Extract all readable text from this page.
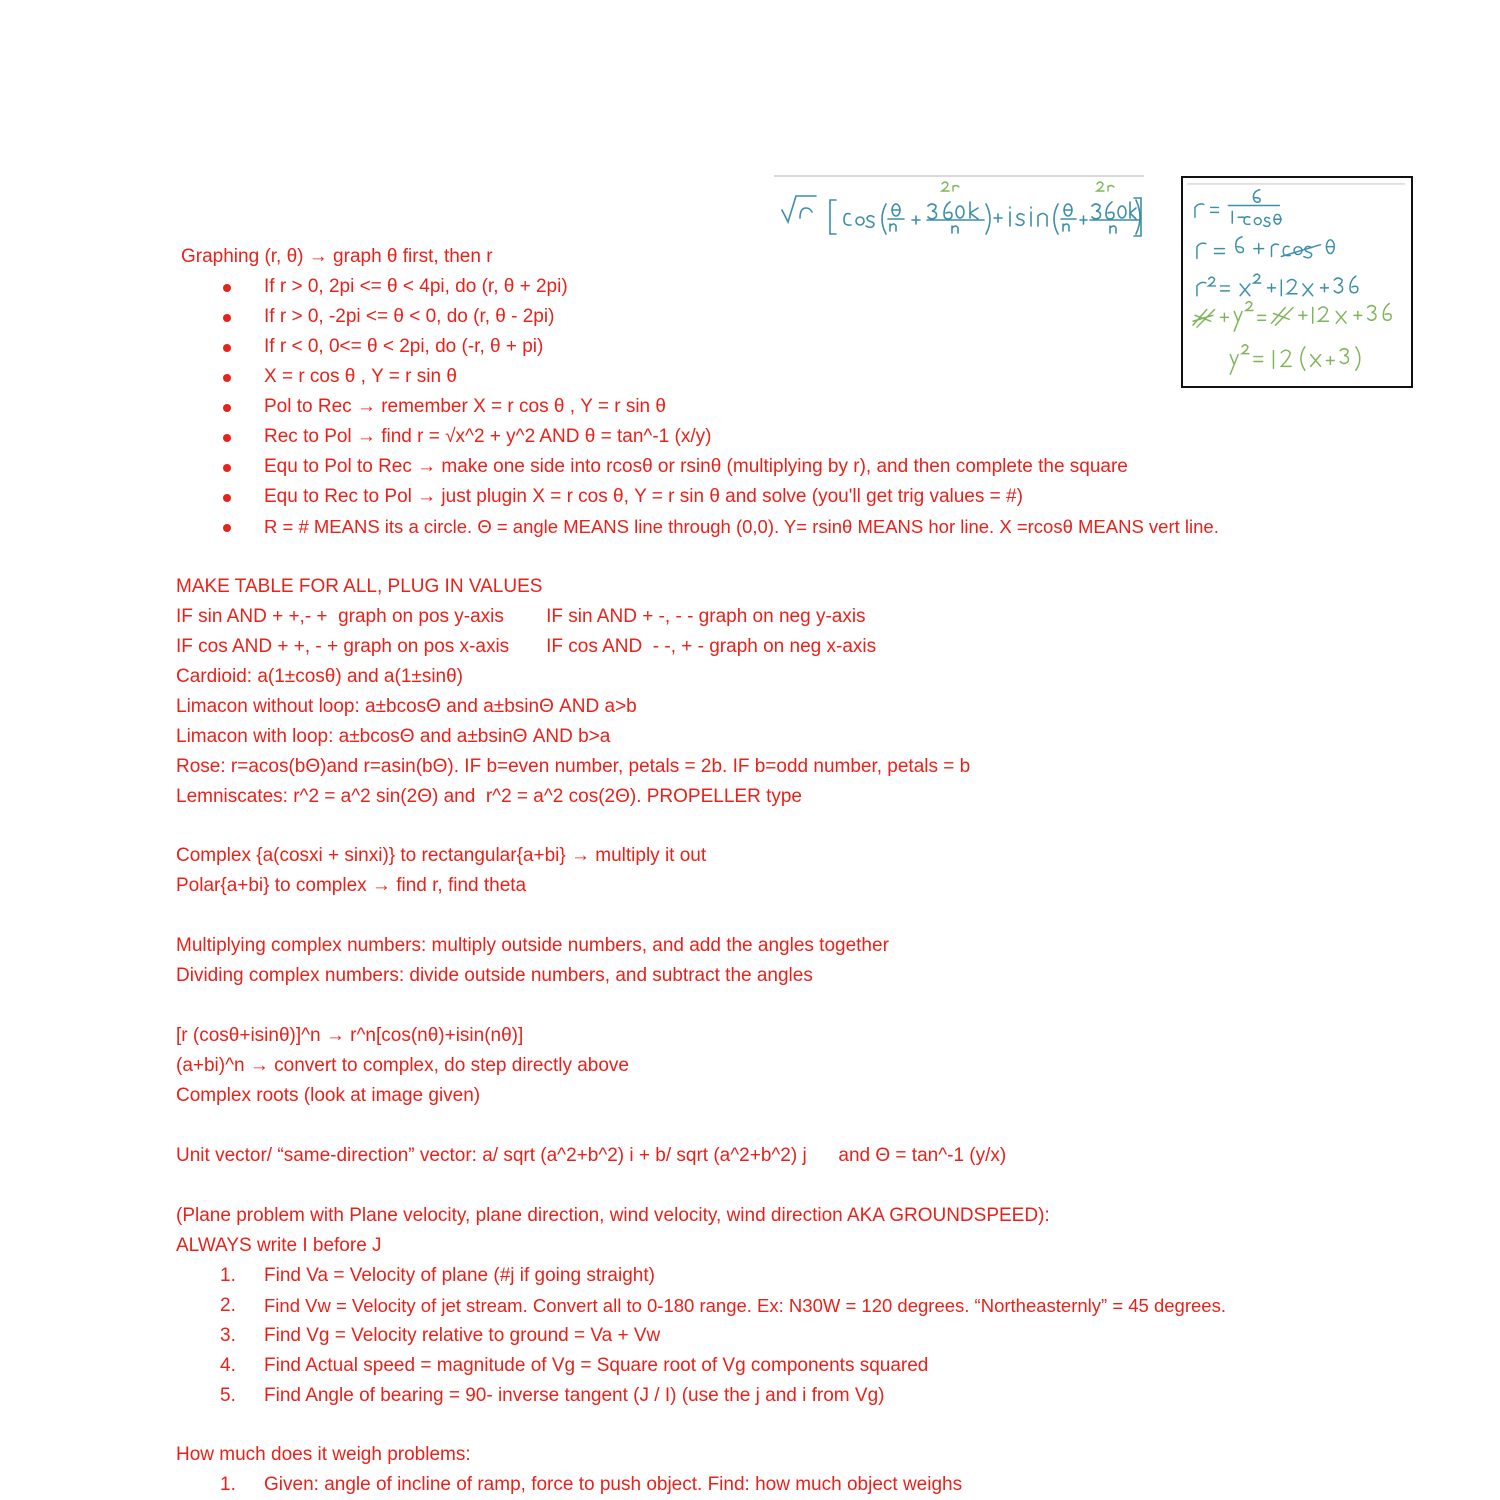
Graphing (r, θ) → graph θ first, then r
If r > 0, 2pi <= θ < 4pi, do (r, θ + 2pi)
If r > 0, -2pi <= θ < 0, do (r, θ - 2pi)
If r < 0, 0<= θ < 2pi, do (-r, θ + pi)
X = r cos θ , Y = r sin θ
Pol to Rec → remember X = r cos θ , Y = r sin θ
Rec to Pol → find r = √x^2 + y^2 AND θ = tan^-1 (x/y)
Equ to Pol to Rec → make one side into rcosθ or rsinθ (multiplying by r), and then complete the square
Equ to Rec to Pol → just plugin X = r cos θ, Y = r sin θ and solve (you'll get trig values = #)
R = # MEANS its a circle. Θ = angle MEANS line through (0,0). Y= rsinθ MEANS hor line. X =rcosθ MEANS vert line.
MAKE TABLE FOR ALL, PLUG IN VALUES
IF sin AND + +,- +  graph on pos y-axis        IF sin AND + -, - - graph on neg y-axis
IF cos AND + +, - + graph on pos x-axis       IF cos AND  - -, + - graph on neg x-axis
Cardioid: a(1±cosθ) and a(1±sinθ)
Limacon without loop: a±bcosΘ and a±bsinΘ AND a>b
Limacon with loop: a±bcosΘ and a±bsinΘ AND b>a
Rose: r=acos(bΘ)and r=asin(bΘ). IF b=even number, petals = 2b. IF b=odd number, petals = b
Lemniscates: r^2 = a^2 sin(2Θ) and  r^2 = a^2 cos(2Θ). PROPELLER type
Complex {a(cosxi + sinxi)} to rectangular{a+bi} → multiply it out
Polar{a+bi} to complex → find r, find theta
Multiplying complex numbers: multiply outside numbers, and add the angles together
Dividing complex numbers: divide outside numbers, and subtract the angles
[r (cosθ+isinθ)]^n → r^n[cos(nθ)+isin(nθ)]
(a+bi)^n → convert to complex, do step directly above
Complex roots (look at image given)
Unit vector/ “same-direction” vector: a/ sqrt (a^2+b^2) i + b/ sqrt (a^2+b^2) j      and Θ = tan^-1 (y/x)
(Plane problem with Plane velocity, plane direction, wind velocity, wind direction AKA GROUNDSPEED):
ALWAYS write I before J
1.	Find Va = Velocity of plane (#j if going straight)
2.	Find Vw = Velocity of jet stream. Convert all to 0-180 range. Ex: N30W = 120 degrees. “Northeasternly” = 45 degrees.
3.	Find Vg = Velocity relative to ground = Va + Vw
4.	Find Actual speed = magnitude of Vg = Square root of Vg components squared
5.	Find Angle of bearing = 90- inverse tangent (J / I) (use the j and i from Vg)
How much does it weigh problems:
1.	Given: angle of incline of ramp, force to push object. Find: how much object weighs
